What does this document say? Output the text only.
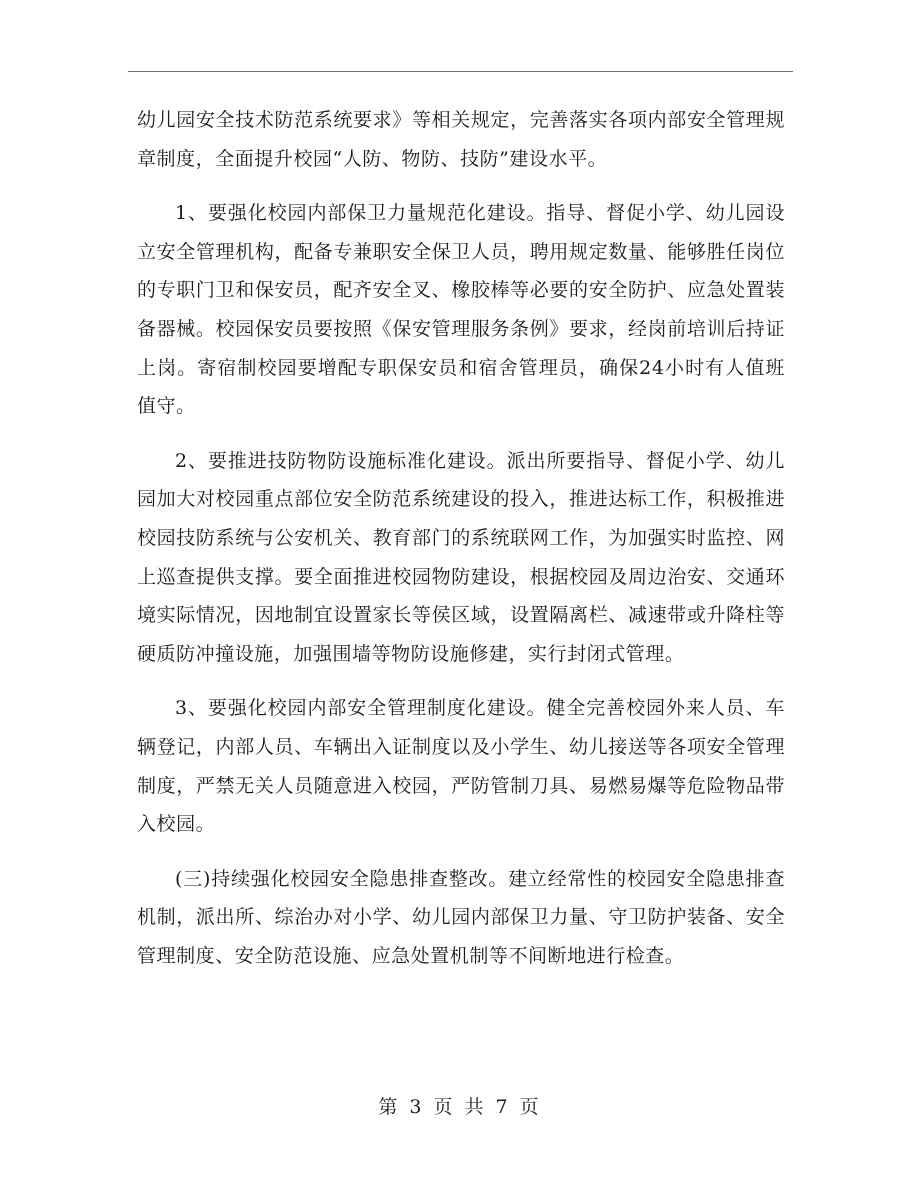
幼儿园安全技术防范系统要求》等相关规定，完善落实各项内部安全管理规章制度，全面提升校园“人防、物防、技防”建设水平。

1、要强化校园内部保卫力量规范化建设。指导、督促小学、幼儿园设立安全管理机构，配备专兼职安全保卫人员，聘用规定数量、能够胜任岗位的专职门卫和保安员，配齐安全叉、橡胶棒等必要的安全防护、应急处置装备器械。校园保安员要按照《保安管理服务条例》要求，经岗前培训后持证上岗。寄宿制校园要增配专职保安员和宿舍管理员，确保24小时有人值班值守。

2、要推进技防物防设施标准化建设。派出所要指导、督促小学、幼儿园加大对校园重点部位安全防范系统建设的投入，推进达标工作，积极推进校园技防系统与公安机关、教育部门的系统联网工作，为加强实时监控、网上巡查提供支撑。要全面推进校园物防建设，根据校园及周边治安、交通环境实际情况，因地制宜设置家长等侯区域，设置隔离栏、减速带或升降柱等硬质防冲撞设施，加强围墙等物防设施修建，实行封闭式管理。

3、要强化校园内部安全管理制度化建设。健全完善校园外来人员、车辆登记，内部人员、车辆出入证制度以及小学生、幼儿接送等各项安全管理制度，严禁无关人员随意进入校园，严防管制刀具、易燃易爆等危险物品带入校园。

(三)持续强化校园安全隐患排查整改。建立经常性的校园安全隐患排查机制，派出所、综治办对小学、幼儿园内部保卫力量、守卫防护装备、安全管理制度、安全防范设施、应急处置机制等不间断地进行检查。

第 3 页 共 7 页
